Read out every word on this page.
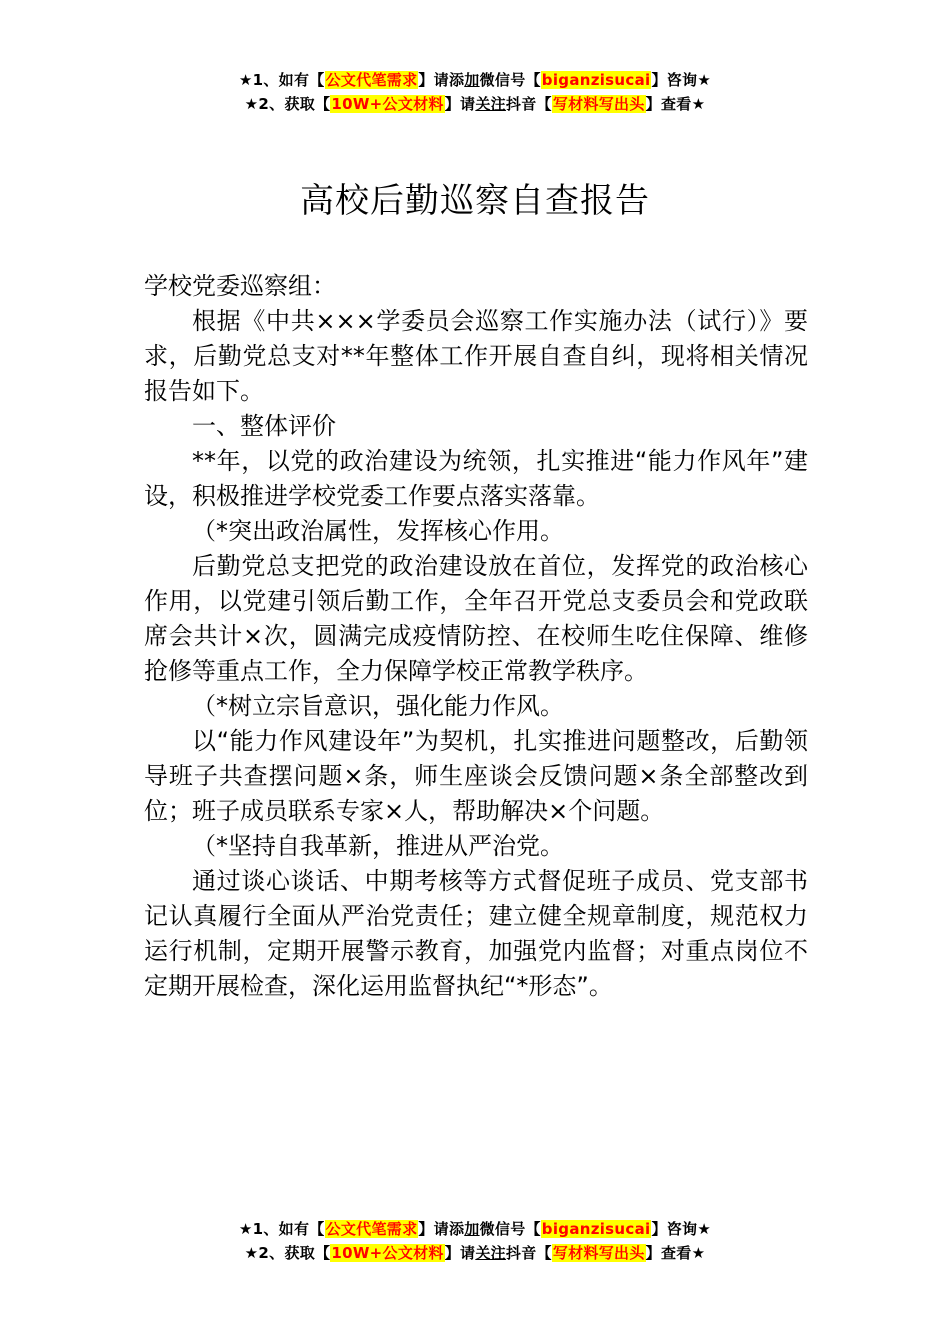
★1、如有【公文代笔需求】请添加微信号【biganzisucai】咨询★
★2、获取【10W+公文材料】请关注抖音【写材料写出头】查看★
高校后勤巡察自查报告

学校党委巡察组：

根据《中共×××学委员会巡察工作实施办法（试行）》要求，后勤党总支对**年整体工作开展自查自纠，现将相关情况报告如下。

一、整体评价

**年，以党的政治建设为统领，扎实推进“能力作风年”建设，积极推进学校党委工作要点落实落靠。

（*突出政治属性，发挥核心作用。

后勤党总支把党的政治建设放在首位，发挥党的政治核心作用，以党建引领后勤工作，全年召开党总支委员会和党政联席会共计×次，圆满完成疫情防控、在校师生吃住保障、维修抢修等重点工作，全力保障学校正常教学秩序。

（*树立宗旨意识，强化能力作风。

以“能力作风建设年”为契机，扎实推进问题整改，后勤领导班子共查摆问题×条，师生座谈会反馈问题×条全部整改到位；班子成员联系专家×人，帮助解决×个问题。

（*坚持自我革新，推进从严治党。

通过谈心谈话、中期考核等方式督促班子成员、党支部书记认真履行全面从严治党责任；建立健全规章制度，规范权力运行机制，定期开展警示教育，加强党内监督；对重点岗位不定期开展检查，深化运用监督执纪“*形态”。

★1、如有【公文代笔需求】请添加微信号【biganzisucai】咨询★
★2、获取【10W+公文材料】请关注抖音【写材料写出头】查看★
